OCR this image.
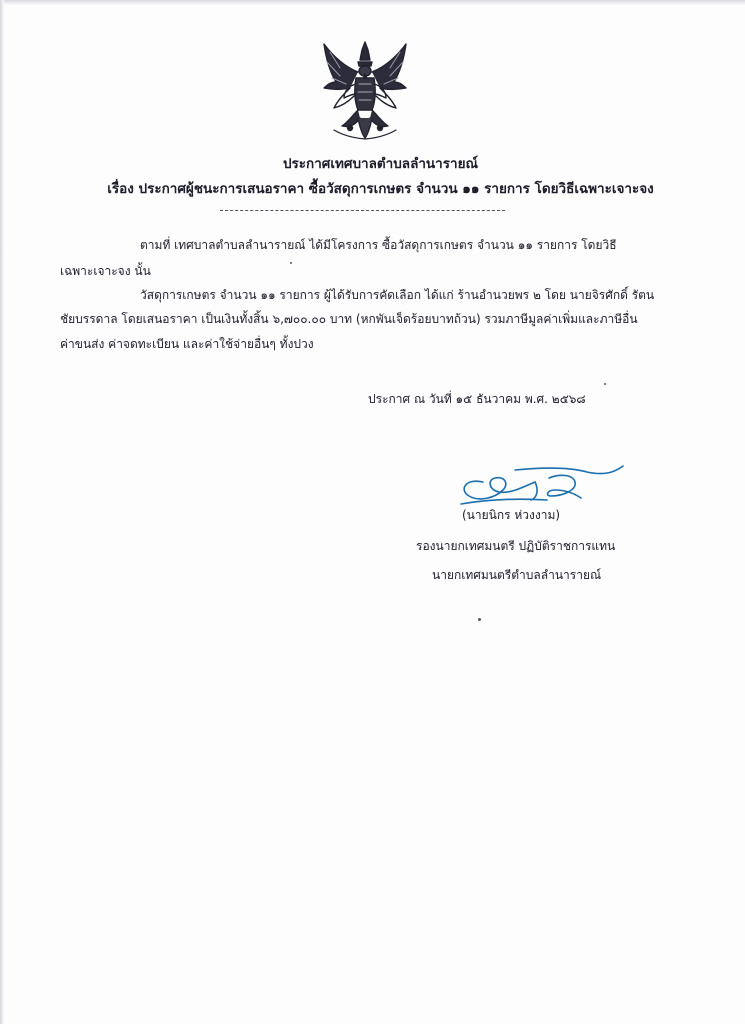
ประกาศเทศบาลตำบลลำนารายณ์
เรื่อง ประกาศผู้ชนะการเสนอราคา ซื้อวัสดุการเกษตร จำนวน ๑๑ รายการ โดยวิธีเฉพาะเจาะจง
ตามที่ เทศบาลตำบลลำนารายณ์ ได้มีโครงการ ซื้อวัสดุการเกษตร จำนวน ๑๑ รายการ โดยวิธี
เฉพาะเจาะจง นั้น
วัสดุการเกษตร จำนวน ๑๑ รายการ ผู้ได้รับการคัดเลือก ได้แก่ ร้านอำนวยพร ๒ โดย นายจิรศักดิ์ รัตน
ชัยบรรดาล โดยเสนอราคา เป็นเงินทั้งสิ้น ๖,๗๐๐.๐๐ บาท (หกพันเจ็ดร้อยบาทถ้วน) รวมภาษีมูลค่าเพิ่มและภาษีอื่น
ค่าขนส่ง ค่าจดทะเบียน และค่าใช้จ่ายอื่นๆ ทั้งปวง
ประกาศ ณ วันที่ ๑๕ ธันวาคม พ.ศ. ๒๕๖๘
(นายนิกร ห่วงงาม)
รองนายกเทศมนตรี ปฏิบัติราชการแทน
นายกเทศมนตรีตำบลลำนารายณ์
